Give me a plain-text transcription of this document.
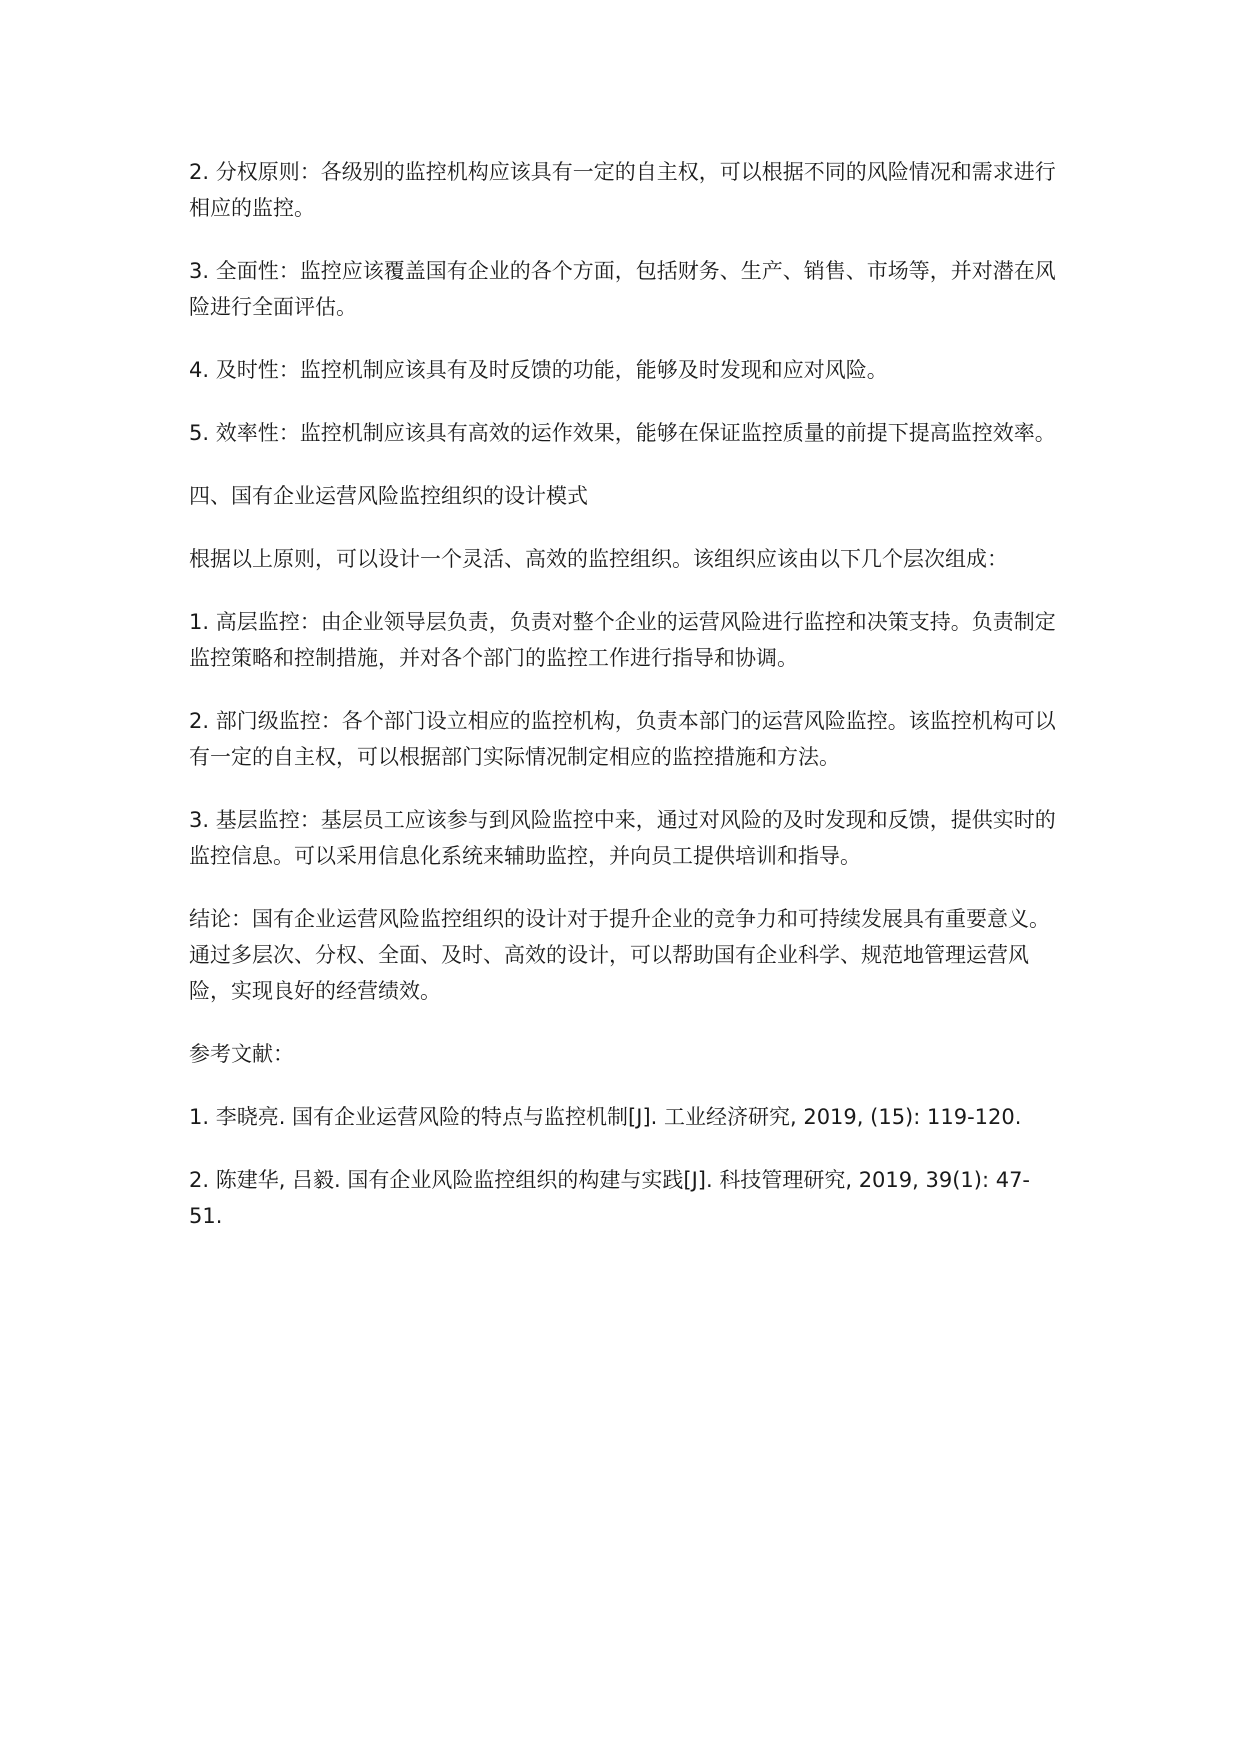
2. 分权原则：各级别的监控机构应该具有一定的自主权，可以根据不同的风险情况和需求进行相应的监控。

3. 全面性：监控应该覆盖国有企业的各个方面，包括财务、生产、销售、市场等，并对潜在风险进行全面评估。

4. 及时性：监控机制应该具有及时反馈的功能，能够及时发现和应对风险。

5. 效率性：监控机制应该具有高效的运作效果，能够在保证监控质量的前提下提高监控效率。

四、国有企业运营风险监控组织的设计模式

根据以上原则，可以设计一个灵活、高效的监控组织。该组织应该由以下几个层次组成：

1. 高层监控：由企业领导层负责，负责对整个企业的运营风险进行监控和决策支持。负责制定监控策略和控制措施，并对各个部门的监控工作进行指导和协调。

2. 部门级监控：各个部门设立相应的监控机构，负责本部门的运营风险监控。该监控机构可以有一定的自主权，可以根据部门实际情况制定相应的监控措施和方法。

3. 基层监控：基层员工应该参与到风险监控中来，通过对风险的及时发现和反馈，提供实时的监控信息。可以采用信息化系统来辅助监控，并向员工提供培训和指导。

结论：国有企业运营风险监控组织的设计对于提升企业的竞争力和可持续发展具有重要意义。通过多层次、分权、全面、及时、高效的设计，可以帮助国有企业科学、规范地管理运营风险，实现良好的经营绩效。

参考文献：

1. 李晓亮. 国有企业运营风险的特点与监控机制[J]. 工业经济研究, 2019, (15): 119-120.

2. 陈建华, 吕毅. 国有企业风险监控组织的构建与实践[J]. 科技管理研究, 2019, 39(1): 47-51.
